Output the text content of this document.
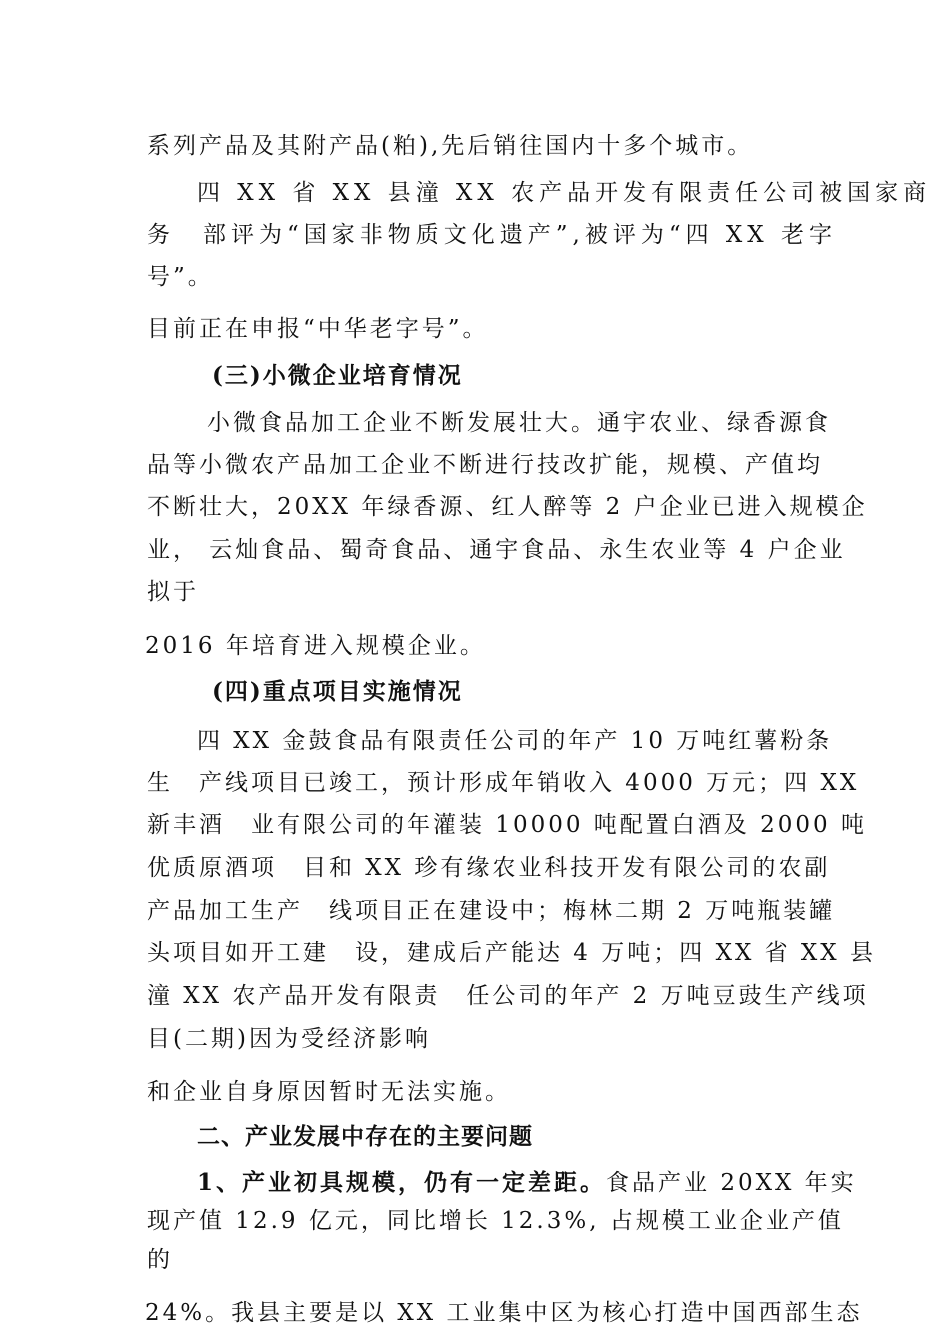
系列产品及其附产品(粕),先后销往国内十多个城市。
四 XX 省 XX 县潼 XX 农产品开发有限责任公司被国家商
务　部评为“国家非物质文化遗产”,被评为“四 XX 老字
号”。
目前正在申报“中华老字号”。
(三)小微企业培育情况
小微食品加工企业不断发展壮大。通宇农业、绿香源食
品等小微农产品加工企业不断进行技改扩能，规模、产值均
不断壮大，20XX 年绿香源、红人醉等 2 户企业已进入规模企
业， 云灿食品、蜀奇食品、通宇食品、永生农业等 4 户企业
拟于
2016 年培育进入规模企业。
(四)重点项目实施情况
四 XX 金鼓食品有限责任公司的年产 10 万吨红薯粉条
生　产线项目已竣工，预计形成年销收入 4000 万元；四 XX
新丰酒　业有限公司的年灌装 10000 吨配置白酒及 2000 吨
优质原酒项　目和 XX 珍有缘农业科技开发有限公司的农副
产品加工生产　线项目正在建设中；梅林二期 2 万吨瓶装罐
头项目如开工建　设，建成后产能达 4 万吨；四 XX 省 XX 县
潼 XX 农产品开发有限责　任公司的年产 2 万吨豆豉生产线项
目(二期)因为受经济影响
和企业自身原因暂时无法实施。
二、产业发展中存在的主要问题
1、产业初具规模，仍有一定差距。食品产业 20XX 年实
现产值 12.9 亿元，同比增长 12.3%, 占规模工业企业产值
的
24%。我县主要是以 XX 工业集中区为核心打造中国西部生态
